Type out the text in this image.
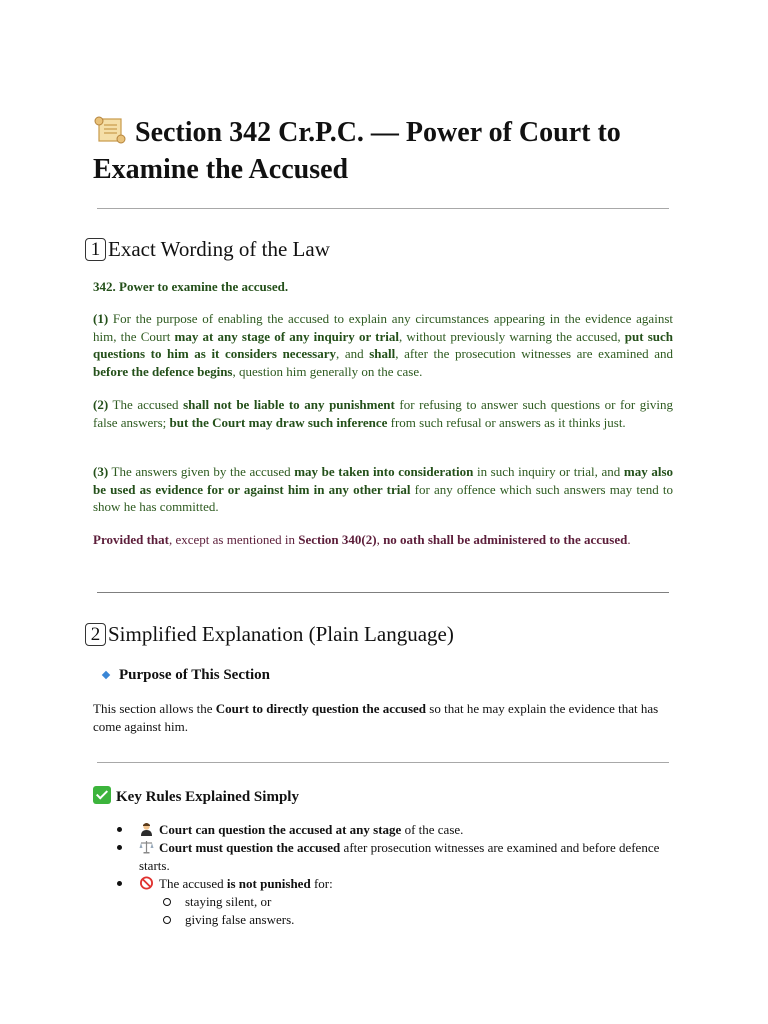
Section 342 Cr.P.C. — Power of Court to Examine the Accused
1 Exact Wording of the Law

342. Power to examine the accused.

(1) For the purpose of enabling the accused to explain any circumstances appearing in the evidence against him, the Court may at any stage of any inquiry or trial, without previously warning the accused, put such questions to him as it considers necessary, and shall, after the prosecution witnesses are examined and before the defence begins, question him generally on the case.

(2) The accused shall not be liable to any punishment for refusing to answer such questions or for giving false answers; but the Court may draw such inference from such refusal or answers as it thinks just.

(3) The answers given by the accused may be taken into consideration in such inquiry or trial, and may also be used as evidence for or against him in any other trial for any offence which such answers may tend to show he has committed.

Provided that, except as mentioned in Section 340(2), no oath shall be administered to the accused.

2 Simplified Explanation (Plain Language)
Purpose of This Section

This section allows the Court to directly question the accused so that he may explain the evidence that has come against him.

Key Rules Explained Simply
Court can question the accused at any stage of the case.
Court must question the accused after prosecution witnesses are examined and before defence starts.
The accused is not punished for:
staying silent, or
giving false answers.
